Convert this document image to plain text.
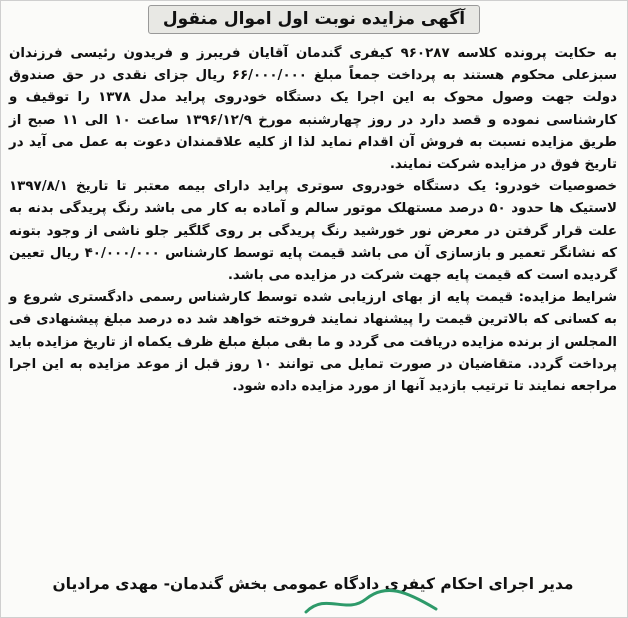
آگهی مزایده نوبت اول اموال منقول

به حکایت پرونده کلاسه ۹۶۰۲۸۷ کیفری گندمان آقایان فریبرز و فریدون رئیسی فرزندان سبزعلی محکوم هستند به پرداخت جمعاً مبلغ ۶۶/۰۰۰/۰۰۰ ریال جزای نقدی در حق صندوق دولت جهت وصول محوک به این اجرا یک دستگاه خودروی پراید مدل ۱۳۷۸ را توقیف و کارشناسی نموده و قصد دارد در روز چهارشنبه مورخ ۱۳۹۶/۱۲/۹ ساعت ۱۰ الی ۱۱ صبح از طریق مزایده نسبت به فروش آن اقدام نماید لذا از کلیه علاقمندان دعوت به عمل می آید در تاریخ فوق در مزایده شرکت نمایند.

خصوصیات خودرو: یک دستگاه خودروی سوتری پراید دارای بیمه معتبر تا تاریخ ۱۳۹۷/۸/۱ لاستیک ها حدود ۵۰ درصد مستهلک موتور سالم و آماده به کار می باشد رنگ پریدگی بدنه به علت قرار گرفتن در معرض نور خورشید رنگ پریدگی بر روی گلگیر جلو ناشی از وجود بتونه که نشانگر تعمیر و بازسازی آن می باشد قیمت پایه توسط کارشناس ۴۰/۰۰۰/۰۰۰ ریال تعیین گردیده است که قیمت پایه جهت شرکت در مزایده می باشد.

شرایط مزایده: قیمت پایه از بهای ارزیابی شده توسط کارشناس رسمی دادگستری شروع و به کسانی که بالاترین قیمت را پیشنهاد نمایند فروخته خواهد شد ده درصد مبلغ پیشنهادی فی المجلس از برنده مزایده دریافت می گردد و ما بقی مبلغ مبلغ ظرف یکماه از تاریخ مزایده باید پرداخت گردد. متقاضیان در صورت تمایل می توانند ۱۰ روز قبل از موعد مزایده به این اجرا مراجعه نمایند تا ترتیب بازدید آنها از مورد مزایده داده شود.

مدیر اجرای احکام کیفری دادگاه عمومی بخش گندمان- مهدی مرادیان
